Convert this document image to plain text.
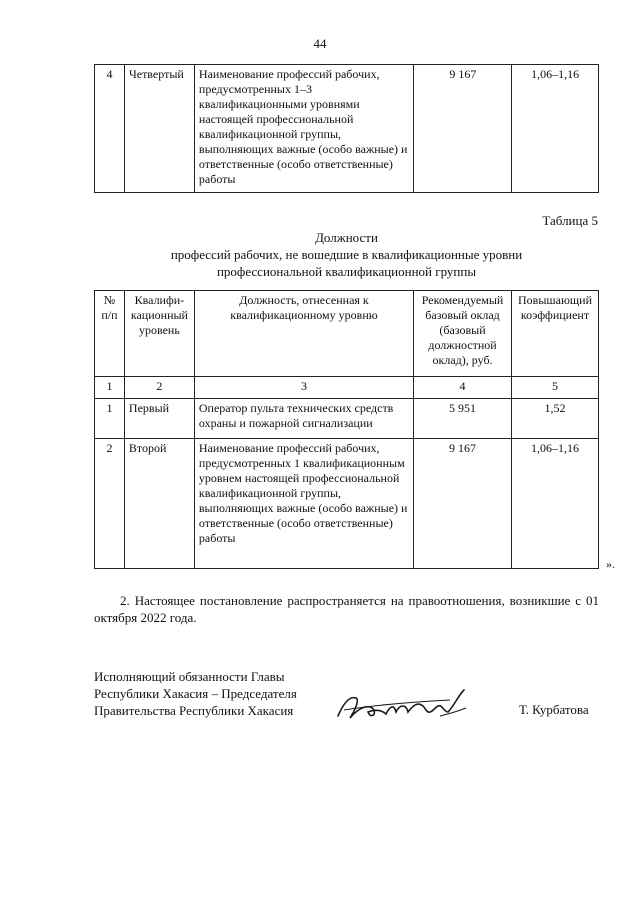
44
4	Четвертый	Наименование профессий рабочих, предусмотренных 1–3 квалификационными уровнями настоящей профессиональной квалификационной группы, выполняющих важные (особо важные) и ответственные (особо ответственные) работы	9 167	1,06–1,16
Таблица 5
Должности
профессий рабочих, не вошедшие в квалификационные уровни
профессиональной квалификационной группы
№ п/п	Квалифи-кационный уровень	Должность, отнесенная к квалификационному уровню	Рекомендуемый базовый оклад (базовый должностной оклад), руб.	Повышающий коэффициент
1	2	3	4	5
1	Первый	Оператор пульта технических средств охраны и пожарной сигнализации	5 951	1,52
2	Второй	Наименование профессий рабочих, предусмотренных 1 квалификационным уровнем настоящей профессиональной квалификационной группы, выполняющих важные (особо важные) и ответственные (особо ответственные) работы	9 167	1,06–1,16
».
2. Настоящее постановление распространяется на правоотношения, возникшие с 01 октября 2022 года.
Исполняющий обязанности Главы
Республики Хакасия – Председателя
Правительства Республики Хакасия	Т. Курбатова
